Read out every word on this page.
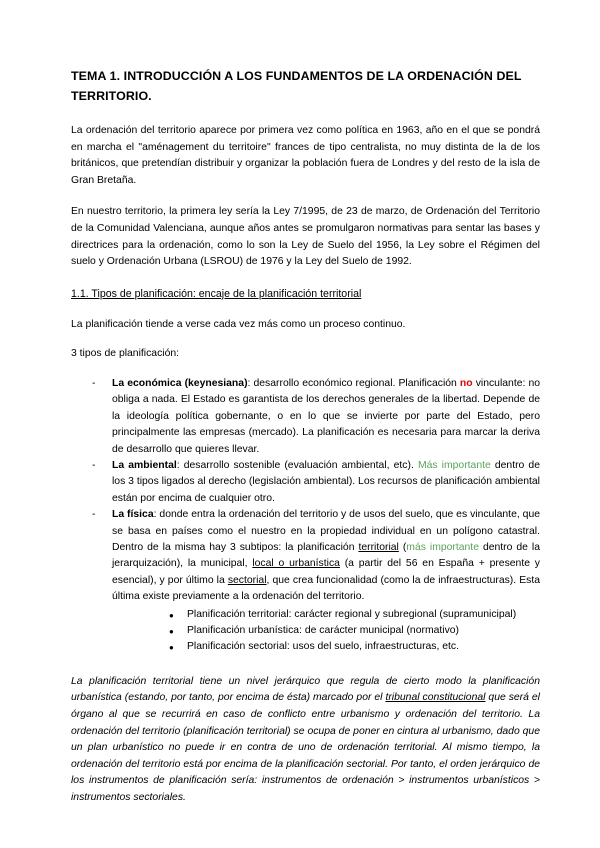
TEMA 1. INTRODUCCIÓN A LOS FUNDAMENTOS DE LA ORDENACIÓN DEL TERRITORIO.

La ordenación del territorio aparece por primera vez como política en 1963, año en el que se pondrá en marcha el "aménagement du territoire" frances de tipo centralista, no muy distinta de la de los británicos, que pretendían distribuir y organizar la población fuera de Londres y del resto de la isla de Gran Bretaña.

En nuestro territorio, la primera ley sería la Ley 7/1995, de 23 de marzo, de Ordenación del Territorio de la Comunidad Valenciana, aunque años antes se promulgaron normativas para sentar las bases y directrices para la ordenación, como lo son la Ley de Suelo del 1956, la Ley sobre el Régimen del suelo y Ordenación Urbana (LSROU) de 1976 y la Ley del Suelo de 1992.

1.1. Tipos de planificación: encaje de la planificación territorial

La planificación tiende a verse cada vez más como un proceso continuo.

3 tipos de planificación:

- La económica (keynesiana): desarrollo económico regional. Planificación no vinculante: no obliga a nada. El Estado es garantista de los derechos generales de la libertad. Depende de la ideología política gobernante, o en lo que se invierte por parte del Estado, pero principalmente las empresas (mercado). La planificación es necesaria para marcar la deriva de desarrollo que quieres llevar.
- La ambiental: desarrollo sostenible (evaluación ambiental, etc). Más importante dentro de los 3 tipos ligados al derecho (legislación ambiental). Los recursos de planificación ambiental están por encima de cualquier otro.
- La física: donde entra la ordenación del territorio y de usos del suelo, que es vinculante, que se basa en países como el nuestro en la propiedad individual en un polígono catastral. Dentro de la misma hay 3 subtipos: la planificación territorial (más importante dentro de la jerarquización), la municipal, local o urbanística (a partir del 56 en España + presente y esencial), y por último la sectorial, que crea funcionalidad (como la de infraestructuras). Esta última existe previamente a la ordenación del territorio.
● Planificación territorial: carácter regional y subregional (supramunicipal)
● Planificación urbanística: de carácter municipal (normativo)
● Planificación sectorial: usos del suelo, infraestructuras, etc.

La planificación territorial tiene un nivel jerárquico que regula de cierto modo la planificación urbanística (estando, por tanto, por encima de ésta) marcado por el tribunal constitucional que será el órgano al que se recurrirá en caso de conflicto entre urbanismo y ordenación del territorio. La ordenación del territorio (planificación territorial) se ocupa de poner en cintura al urbanismo, dado que un plan urbanístico no puede ir en contra de uno de ordenación territorial. Al mismo tiempo, la ordenación del territorio está por encima de la planificación sectorial. Por tanto, el orden jerárquico de los instrumentos de planificación sería: instrumentos de ordenación > instrumentos urbanísticos > instrumentos sectoriales.
